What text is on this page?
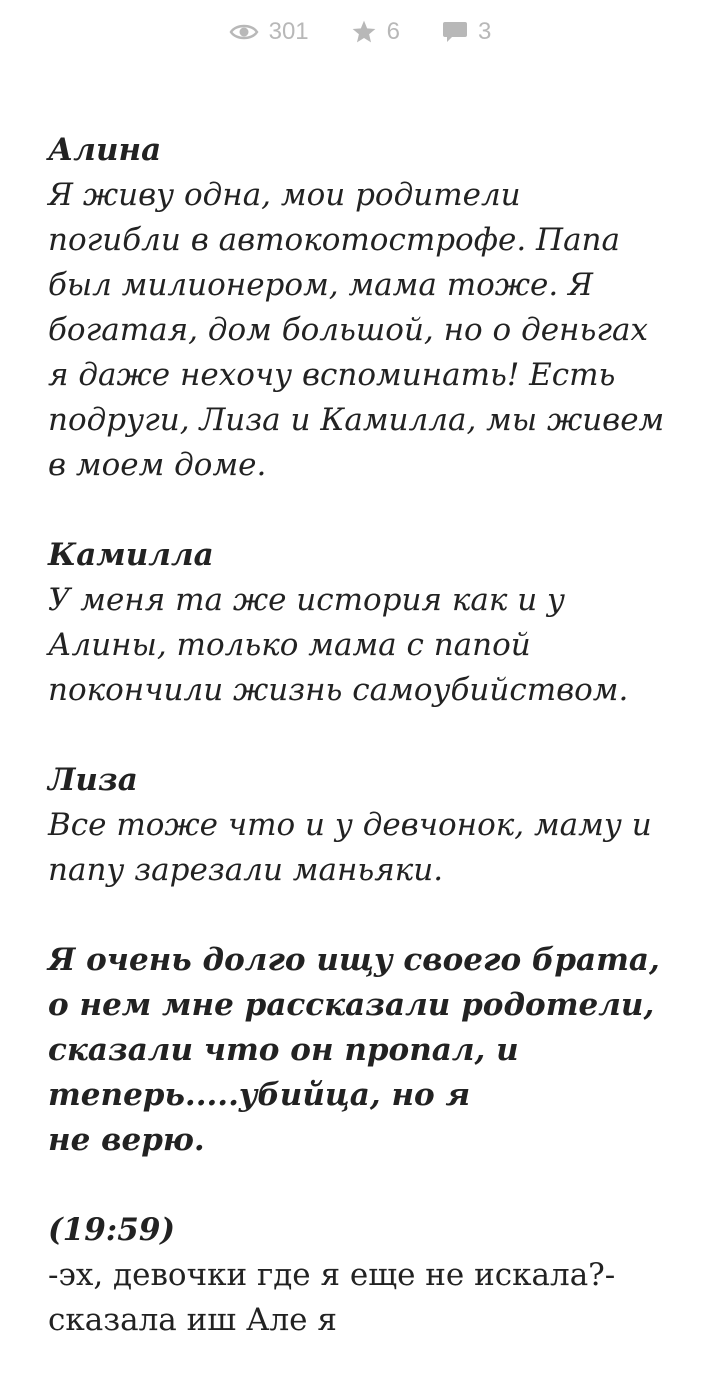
301	6	3
Алина
Я живу одна, мои родители
погибли в автокотострофе. Папа
был милионером, мама тоже. Я
богатая, дом большой, но о деньгах
я даже нехочу вспоминать! Есть
подруги, Лиза и Камилла, мы живем
в моем доме.
Камилла
У меня та же история как и у
Алины, только мама с папой
покончили жизнь самоубийством.
Лиза
Все тоже что и у девчонок, маму и
папу зарезали маньяки.
Я очень долго ищу своего брата,
о нем мне рассказали родотели,
сказали что он пропал, и
теперь.....убийца, но я
не верю.
(19:59)
-эх, девочки где я еще не искала?-
сказала иш Але я
